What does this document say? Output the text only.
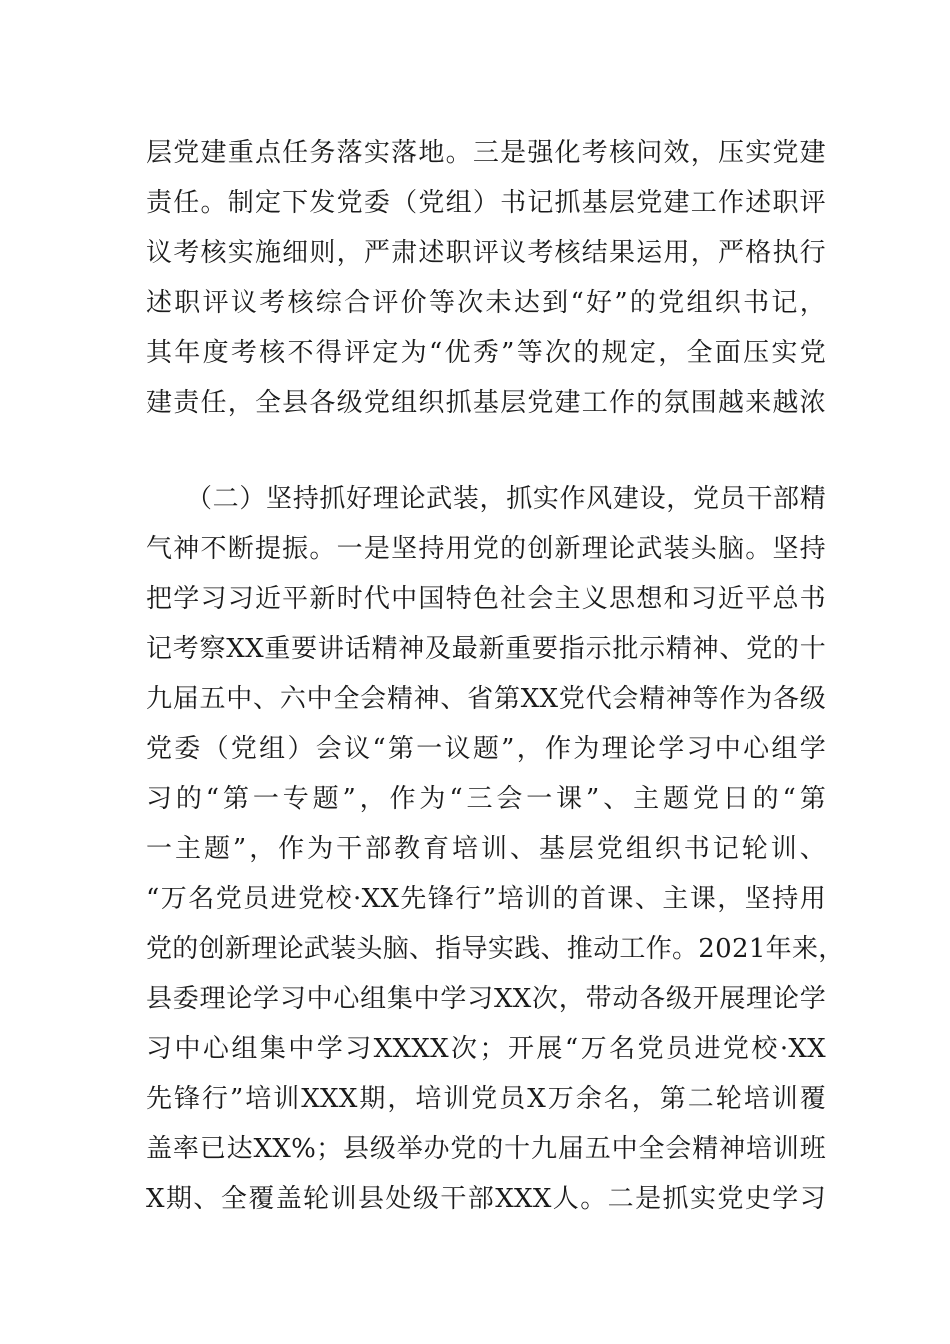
层党建重点任务落实落地。三是强化考核问效，压实党建
责任。制定下发党委（党组）书记抓基层党建工作述职评
议考核实施细则，严肃述职评议考核结果运用，严格执行
述职评议考核综合评价等次未达到“好”的党组织书记，
其年度考核不得评定为“优秀”等次的规定，全面压实党
建责任，全县各级党组织抓基层党建工作的氛围越来越浓
（二）坚持抓好理论武装，抓实作风建设，党员干部精
气神不断提振。一是坚持用党的创新理论武装头脑。坚持
把学习习近平新时代中国特色社会主义思想和习近平总书
记考察XX重要讲话精神及最新重要指示批示精神、党的十
九届五中、六中全会精神、省第XX党代会精神等作为各级
党委（党组）会议“第一议题”，作为理论学习中心组学
习的“第一专题”，作为“三会一课”、主题党日的“第
一主题”，作为干部教育培训、基层党组织书记轮训、
“万名党员进党校·XX先锋行”培训的首课、主课，坚持用
党的创新理论武装头脑、指导实践、推动工作。2021年来，
县委理论学习中心组集中学习XX次，带动各级开展理论学
习中心组集中学习XXXX次；开展“万名党员进党校·XX
先锋行”培训XXX期，培训党员X万余名，第二轮培训覆
盖率已达XX%；县级举办党的十九届五中全会精神培训班
X期、全覆盖轮训县处级干部XXX人。二是抓实党史学习
